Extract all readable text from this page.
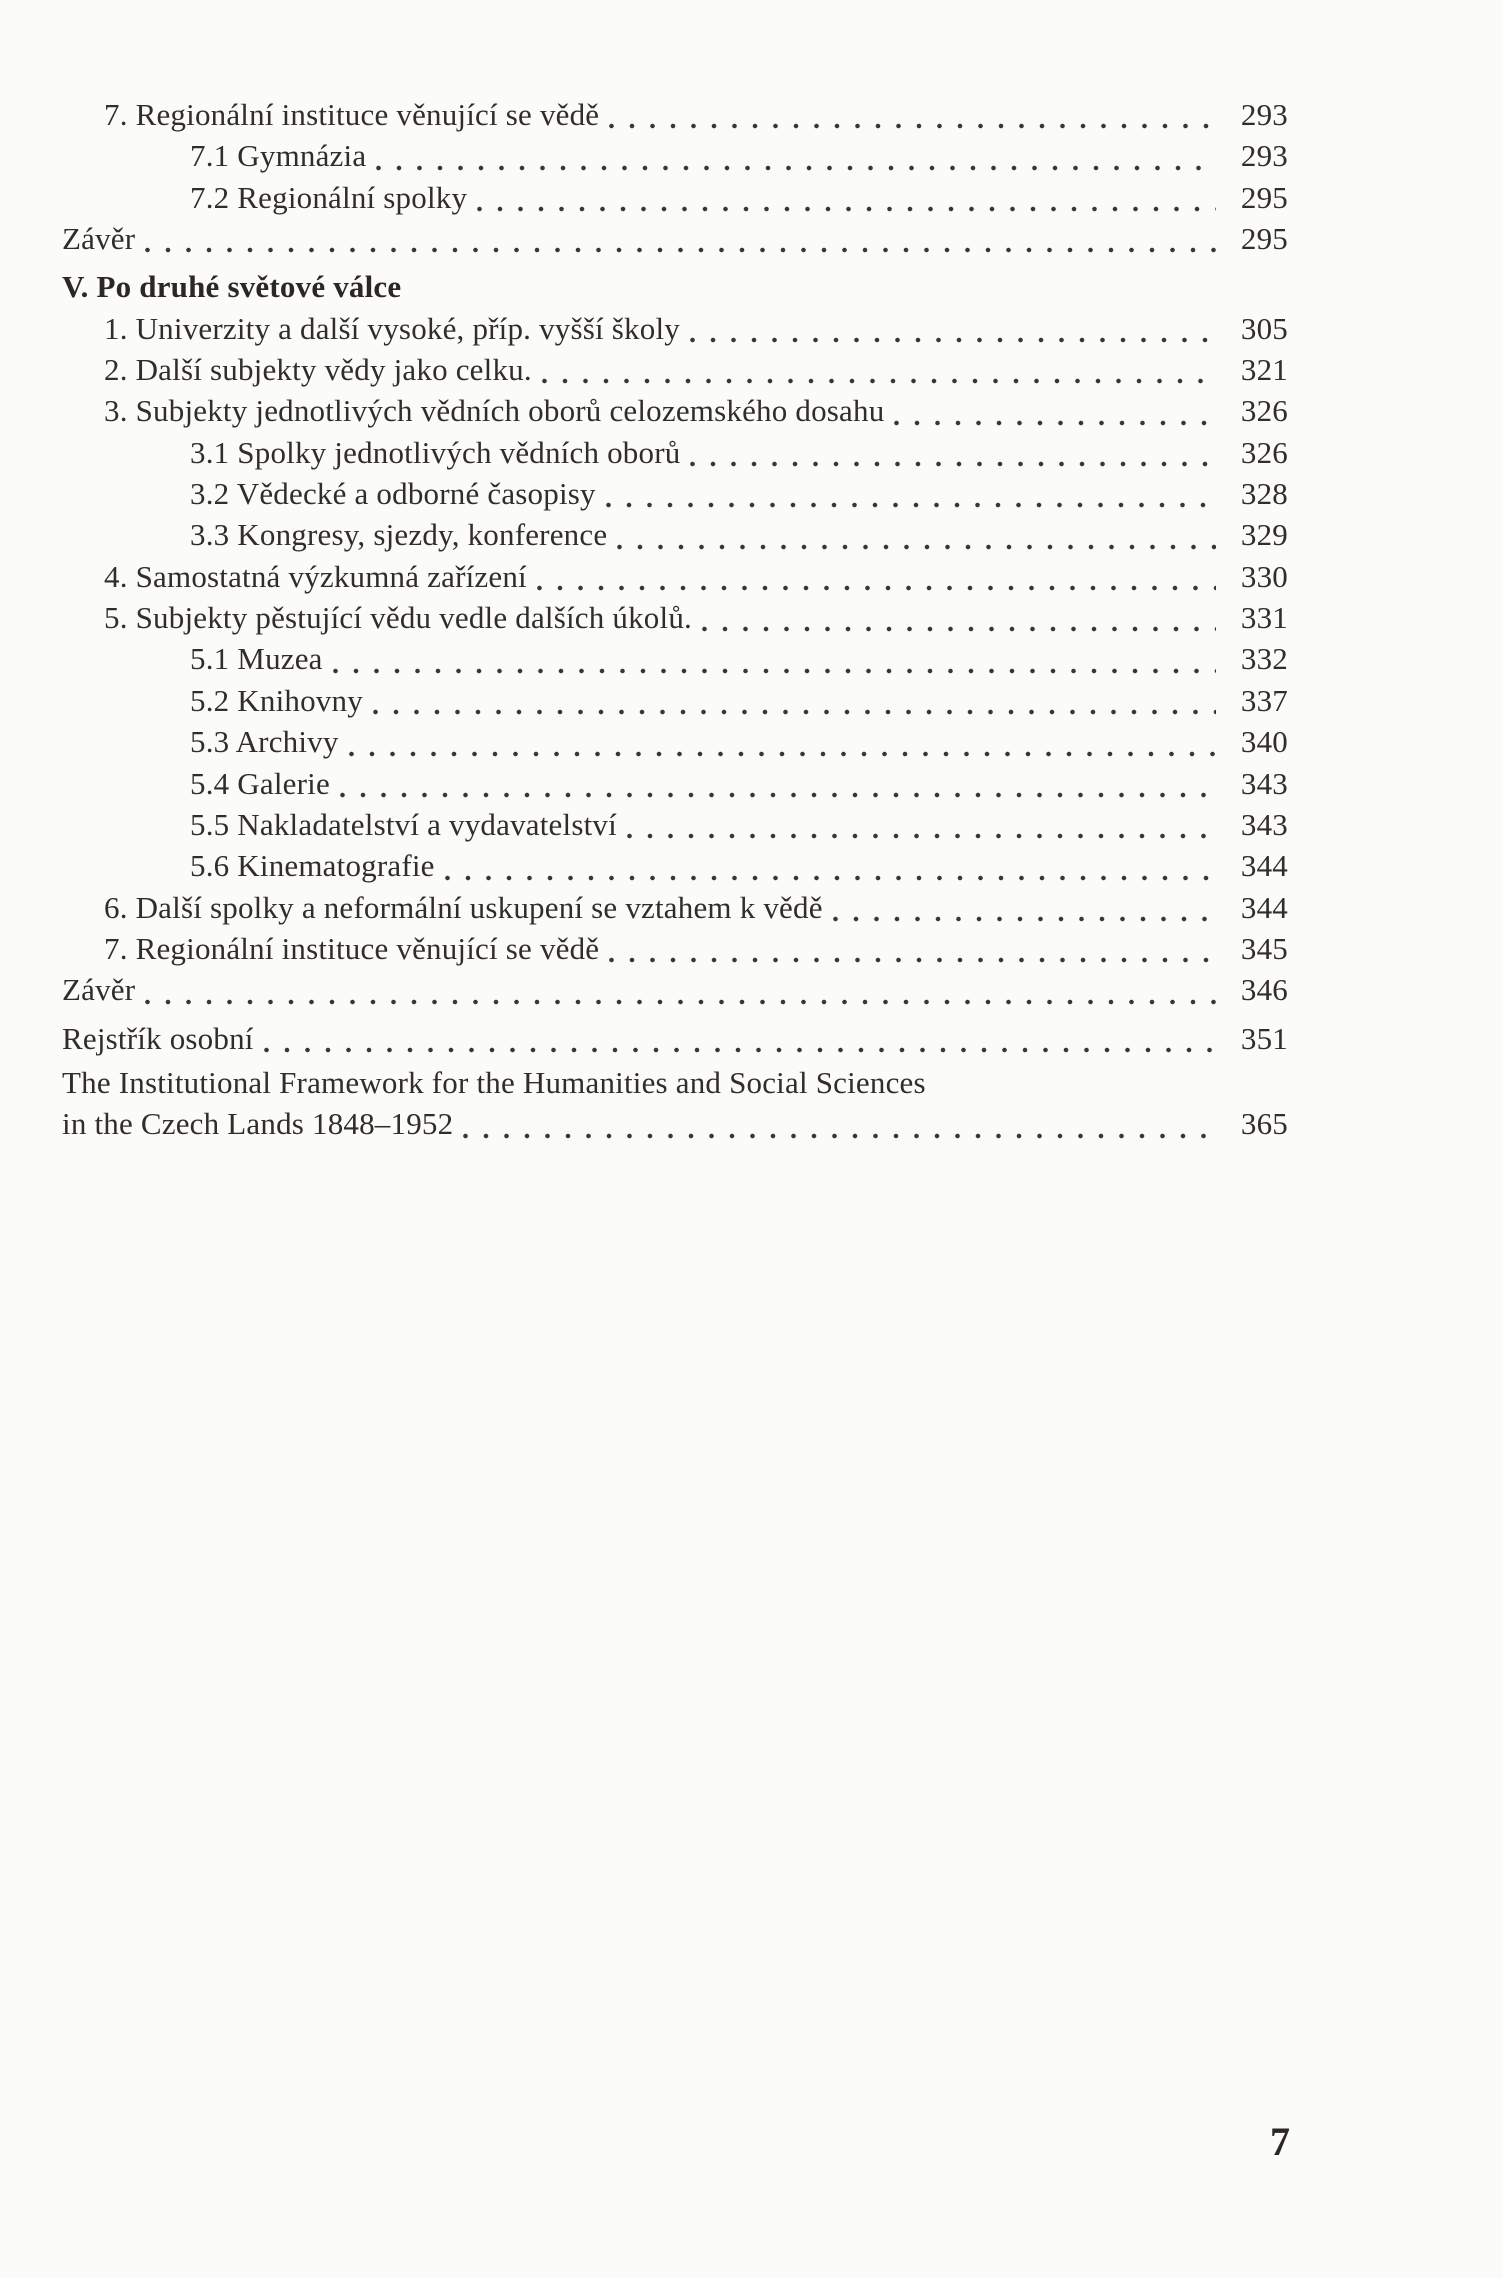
7. Regionální instituce věnující se vědě	293
7.1 Gymnázia	293
7.2 Regionální spolky	295
Závěr	295
V. Po druhé světové válce
1. Univerzity a další vysoké, příp. vyšší školy	305
2. Další subjekty vědy jako celku.	321
3. Subjekty jednotlivých vědních oborů celozemského dosahu	326
3.1 Spolky jednotlivých vědních oborů	326
3.2 Vědecké a odborné časopisy	328
3.3 Kongresy, sjezdy, konference	329
4. Samostatná výzkumná zařízení	330
5. Subjekty pěstující vědu vedle dalších úkolů.	331
5.1 Muzea	332
5.2 Knihovny	337
5.3 Archivy	340
5.4 Galerie	343
5.5 Nakladatelství a vydavatelství	343
5.6 Kinematografie	344
6. Další spolky a neformální uskupení se vztahem k vědě	344
7. Regionální instituce věnující se vědě	345
Závěr	346
Rejstřík osobní	351
The Institutional Framework for the Humanities and Social Sciences
in the Czech Lands 1848–1952	365
7
